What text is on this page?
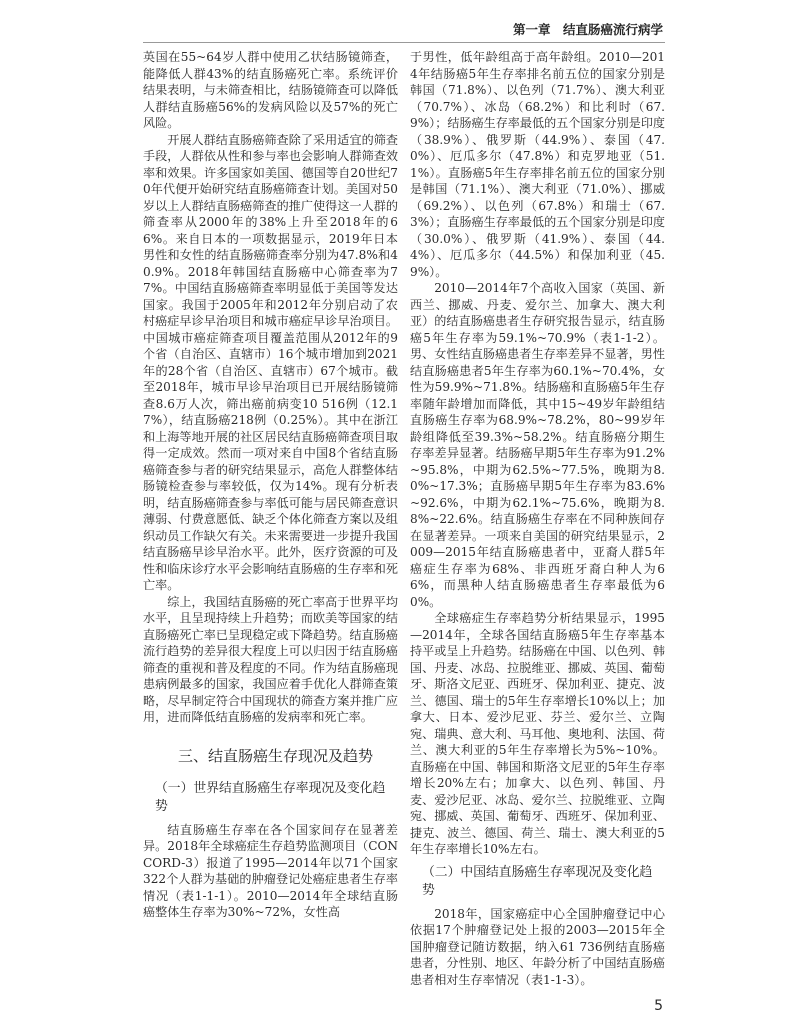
第一章　结直肠癌流行病学

英国在55~64岁人群中使用乙状结肠镜筛查，能降低人群43%的结直肠癌死亡率。系统评价结果表明，与未筛查相比，结肠镜筛查可以降低人群结直肠癌56%的发病风险以及57%的死亡风险。

开展人群结直肠癌筛查除了采用适宜的筛查手段，人群依从性和参与率也会影响人群筛查效率和效果。许多国家如美国、德国等自20世纪70年代便开始研究结直肠癌筛查计划。美国对50岁以上人群结直肠癌筛查的推广使得这一人群的筛查率从2000年的38%上升至2018年的66%。来自日本的一项数据显示，2019年日本男性和女性的结直肠癌筛查率分别为47.8%和40.9%。2018年韩国结直肠癌中心筛查率为77%。中国结直肠癌筛查率明显低于美国等发达国家。我国于2005年和2012年分别启动了农村癌症早诊早治项目和城市癌症早诊早治项目。中国城市癌症筛查项目覆盖范围从2012年的9个省（自治区、直辖市）16个城市增加到2021年的28个省（自治区、直辖市）67个城市。截至2018年，城市早诊早治项目已开展结肠镜筛查8.6万人次，筛出癌前病变10 516例（12.17%），结直肠癌218例（0.25%）。其中在浙江和上海等地开展的社区居民结直肠癌筛查项目取得一定成效。然而一项对来自中国8个省结直肠癌筛查参与者的研究结果显示，高危人群整体结肠镜检查参与率较低，仅为14%。现有分析表明，结直肠癌筛查参与率低可能与居民筛查意识薄弱、付费意愿低、缺乏个体化筛查方案以及组织动员工作缺欠有关。未来需要进一步提升我国结直肠癌早诊早治水平。此外，医疗资源的可及性和临床诊疗水平会影响结直肠癌的生存率和死亡率。

综上，我国结直肠癌的死亡率高于世界平均水平，且呈现持续上升趋势；而欧美等国家的结直肠癌死亡率已呈现稳定或下降趋势。结直肠癌流行趋势的差异很大程度上可以归因于结直肠癌筛查的重视和普及程度的不同。作为结直肠癌现患病例最多的国家，我国应着手优化人群筛查策略，尽早制定符合中国现状的筛查方案并推广应用，进而降低结直肠癌的发病率和死亡率。

三、结直肠癌生存现况及趋势
（一）世界结直肠癌生存率现况及变化趋势

结直肠癌生存率在各个国家间存在显著差异。2018年全球癌症生存趋势监测项目（CONCORD-3）报道了1995—2014年以71个国家322个人群为基础的肿瘤登记处癌症患者生存率情况（表1-1-1）。2010—2014年全球结直肠癌整体生存率为30%~72%，女性高

于男性，低年龄组高于高年龄组。2010—2014年结肠癌5年生存率排名前五位的国家分别是韩国（71.8%）、以色列（71.7%）、澳大利亚（70.7%）、冰岛（68.2%）和比利时（67.9%）；结肠癌生存率最低的五个国家分别是印度（38.9%）、俄罗斯（44.9%）、泰国（47.0%）、厄瓜多尔（47.8%）和克罗地亚（51.1%）。直肠癌5年生存率排名前五位的国家分别是韩国（71.1%）、澳大利亚（71.0%）、挪威（69.2%）、以色列（67.8%）和瑞士（67.3%）；直肠癌生存率最低的五个国家分别是印度（30.0%）、俄罗斯（41.9%）、泰国（44.4%）、厄瓜多尔（44.5%）和保加利亚（45.9%）。

2010—2014年7个高收入国家（英国、新西兰、挪威、丹麦、爱尔兰、加拿大、澳大利亚）的结直肠癌患者生存研究报告显示，结直肠癌5年生存率为59.1%~70.9%（表1-1-2）。男、女性结直肠癌患者生存率差异不显著，男性结直肠癌患者5年生存率为60.1%~70.4%，女性为59.9%~71.8%。结肠癌和直肠癌5年生存率随年龄增加而降低，其中15~49岁年龄组结直肠癌生存率为68.9%~78.2%，80~99岁年龄组降低至39.3%~58.2%。结直肠癌分期生存率差异显著。结肠癌早期5年生存率为91.2%~95.8%，中期为62.5%~77.5%，晚期为8.0%~17.3%；直肠癌早期5年生存率为83.6%~92.6%，中期为62.1%~75.6%，晚期为8.8%~22.6%。结直肠癌生存率在不同种族间存在显著差异。一项来自美国的研究结果显示，2009—2015年结直肠癌患者中，亚裔人群5年癌症生存率为68%、非西班牙裔白种人为66%，而黑种人结直肠癌患者生存率最低为60%。

全球癌症生存率趋势分析结果显示，1995—2014年，全球各国结直肠癌5年生存率基本持平或呈上升趋势。结肠癌在中国、以色列、韩国、丹麦、冰岛、拉脱维亚、挪威、英国、葡萄牙、斯洛文尼亚、西班牙、保加利亚、捷克、波兰、德国、瑞士的5年生存率增长10%以上；加拿大、日本、爱沙尼亚、芬兰、爱尔兰、立陶宛、瑞典、意大利、马耳他、奥地利、法国、荷兰、澳大利亚的5年生存率增长为5%~10%。直肠癌在中国、韩国和斯洛文尼亚的5年生存率增长20%左右；加拿大、以色列、韩国、丹麦、爱沙尼亚、冰岛、爱尔兰、拉脱维亚、立陶宛、挪威、英国、葡萄牙、西班牙、保加利亚、捷克、波兰、德国、荷兰、瑞士、澳大利亚的5年生存率增长10%左右。

（二）中国结直肠癌生存率现况及变化趋势

2018年，国家癌症中心全国肿瘤登记中心依据17个肿瘤登记处上报的2003—2015年全国肿瘤登记随访数据，纳入61 736例结直肠癌患者，分性别、地区、年龄分析了中国结直肠癌患者相对生存率情况（表1-1-3）。

5
